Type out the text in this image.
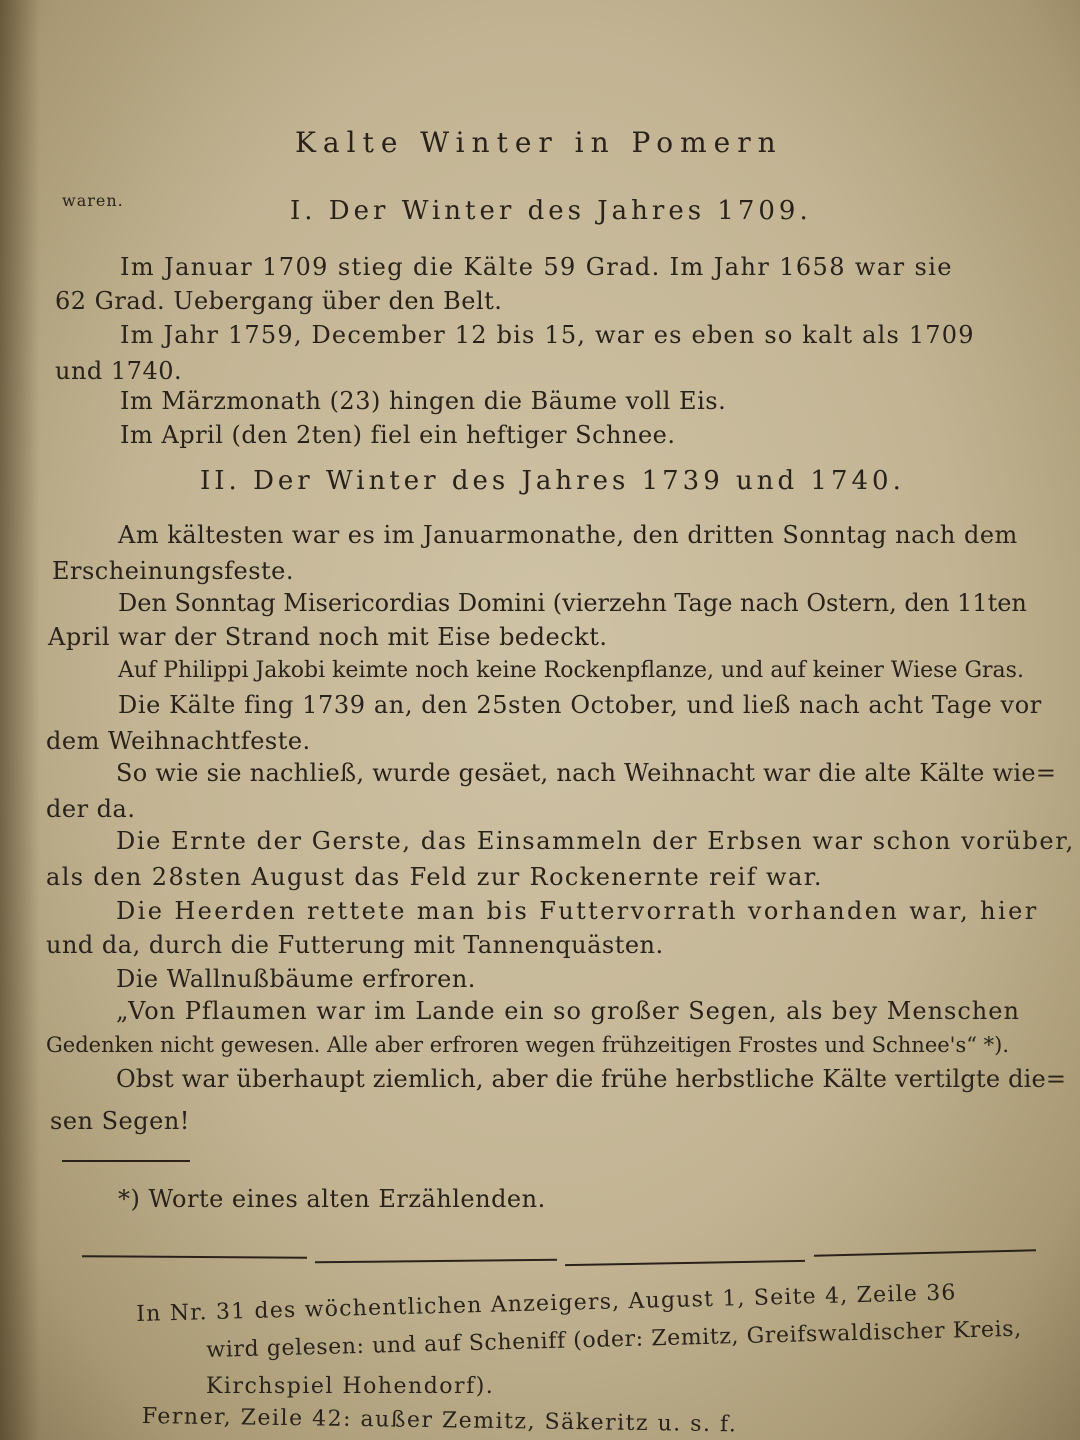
Kalte Winter in Pomern
waren.	I. Der Winter des Jahres 1709.
Im Januar 1709 stieg die Kälte 59 Grad. Im Jahr 1658 war sie
62 Grad. Uebergang über den Belt.
Im Jahr 1759, December 12 bis 15, war es eben so kalt als 1709
und 1740.
Im Märzmonath (23) hingen die Bäume voll Eis.
Im April (den 2ten) fiel ein heftiger Schnee.
II. Der Winter des Jahres 1739 und 1740.
Am kältesten war es im Januarmonathe, den dritten Sonntag nach dem
Erscheinungsfeste.
Den Sonntag Misericordias Domini (vierzehn Tage nach Ostern, den 11ten
April war der Strand noch mit Eise bedeckt.
Auf Philippi Jakobi keimte noch keine Rockenpflanze, und auf keiner Wiese Gras.
Die Kälte fing 1739 an, den 25sten October, und ließ nach acht Tage vor
dem Weihnachtfeste.
So wie sie nachließ, wurde gesäet, nach Weihnacht war die alte Kälte wie=
der da.
Die Ernte der Gerste, das Einsammeln der Erbsen war schon vorüber,
als den 28sten August das Feld zur Rockenernte reif war.
Die Heerden rettete man bis Futtervorrath vorhanden war, hier
und da, durch die Futterung mit Tannenquästen.
Die Wallnußbäume erfroren.
„Von Pflaumen war im Lande ein so großer Segen, als bey Menschen
Gedenken nicht gewesen. Alle aber erfroren wegen frühzeitigen Frostes und Schnee's“ *).
Obst war überhaupt ziemlich, aber die frühe herbstliche Kälte vertilgte die=
sen Segen!
*) Worte eines alten Erzählenden.
In Nr. 31 des wöchentlichen Anzeigers, August 1, Seite 4, Zeile 36
wird gelesen: und auf Scheniff (oder: Zemitz, Greifswaldischer Kreis,
Kirchspiel Hohendorf).
Ferner, Zeile 42: außer Zemitz, Säkeritz u. s. f.
